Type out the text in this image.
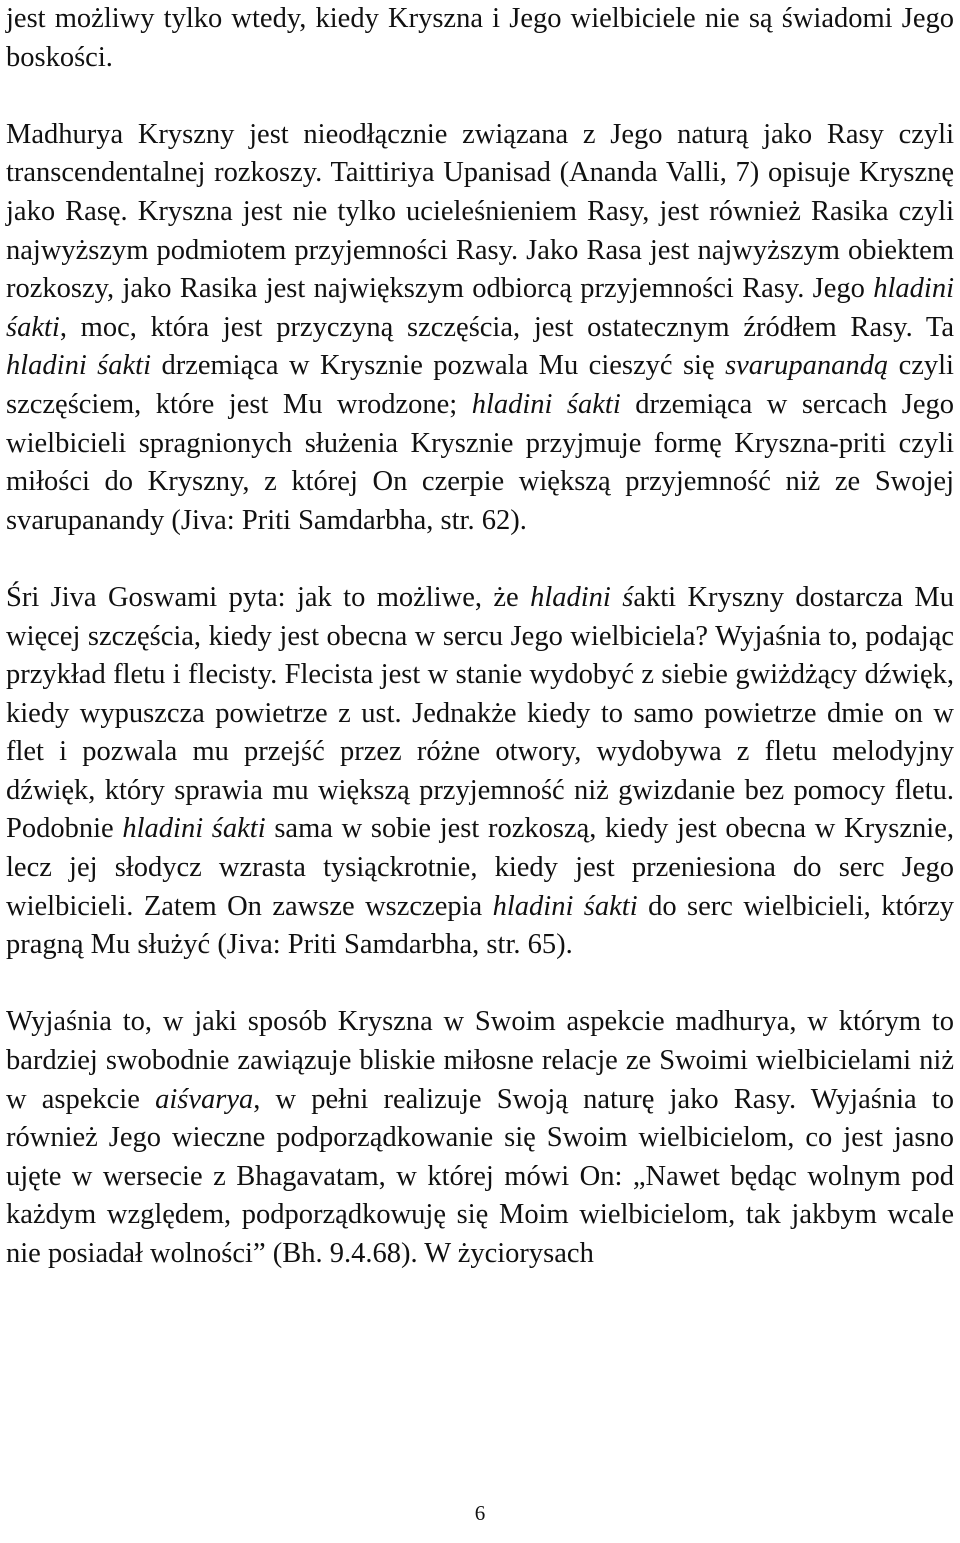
jest możliwy tylko wtedy, kiedy Kryszna i Jego wielbiciele nie są świadomi Jego boskości.

Madhurya Kryszny jest nieodłącznie związana z Jego naturą jako Rasy czyli transcendentalnej rozkoszy. Taittiriya Upanisad (Ananda Valli, 7) opisuje Krysznę jako Rasę. Kryszna jest nie tylko ucieleśnieniem Rasy, jest również Rasika czyli najwyższym podmiotem przyjemności Rasy. Jako Rasa jest najwyższym obiektem rozkoszy, jako Rasika jest największym odbiorcą przyjemności Rasy. Jego hladini śakti, moc, która jest przyczyną szczęścia, jest ostatecznym źródłem Rasy. Ta hladini śakti drzemiąca w Krysznie pozwala Mu cieszyć się svarupanandą czyli szczęściem, które jest Mu wrodzone; hladini śakti drzemiąca w sercach Jego wielbicieli spragnionych służenia Krysznie przyjmuje formę Kryszna-priti czyli miłości do Kryszny, z której On czerpie większą przyjemność niż ze Swojej svarupanandy (Jiva: Priti Samdarbha, str. 62).

Śri Jiva Goswami pyta: jak to możliwe, że hladini śakti Kryszny dostarcza Mu więcej szczęścia, kiedy jest obecna w sercu Jego wielbiciela? Wyjaśnia to, podając przykład fletu i flecisty. Flecista jest w stanie wydobyć z siebie gwiżdżący dźwięk, kiedy wypuszcza powietrze z ust. Jednakże kiedy to samo powietrze dmie on w flet i pozwala mu przejść przez różne otwory, wydobywa z fletu melodyjny dźwięk, który sprawia mu większą przyjemność niż gwizdanie bez pomocy fletu. Podobnie hladini śakti sama w sobie jest rozkoszą, kiedy jest obecna w Krysznie, lecz jej słodycz wzrasta tysiąckrotnie, kiedy jest przeniesiona do serc Jego wielbicieli. Zatem On zawsze wszczepia hladini śakti do serc wielbicieli, którzy pragną Mu służyć (Jiva: Priti Samdarbha, str. 65).

Wyjaśnia to, w jaki sposób Kryszna w Swoim aspekcie madhurya, w którym to bardziej swobodnie zawiązuje bliskie miłosne relacje ze Swoimi wielbicielami niż w aspekcie aiśvarya, w pełni realizuje Swoją naturę jako Rasy. Wyjaśnia to również Jego wieczne podporządkowanie się Swoim wielbicielom, co jest jasno ujęte w wersecie z Bhagavatam, w której mówi On: „Nawet będąc wolnym pod każdym względem, podporządkowuję się Moim wielbicielom, tak jakbym wcale nie posiadał wolności” (Bh. 9.4.68). W życiorysach

6
